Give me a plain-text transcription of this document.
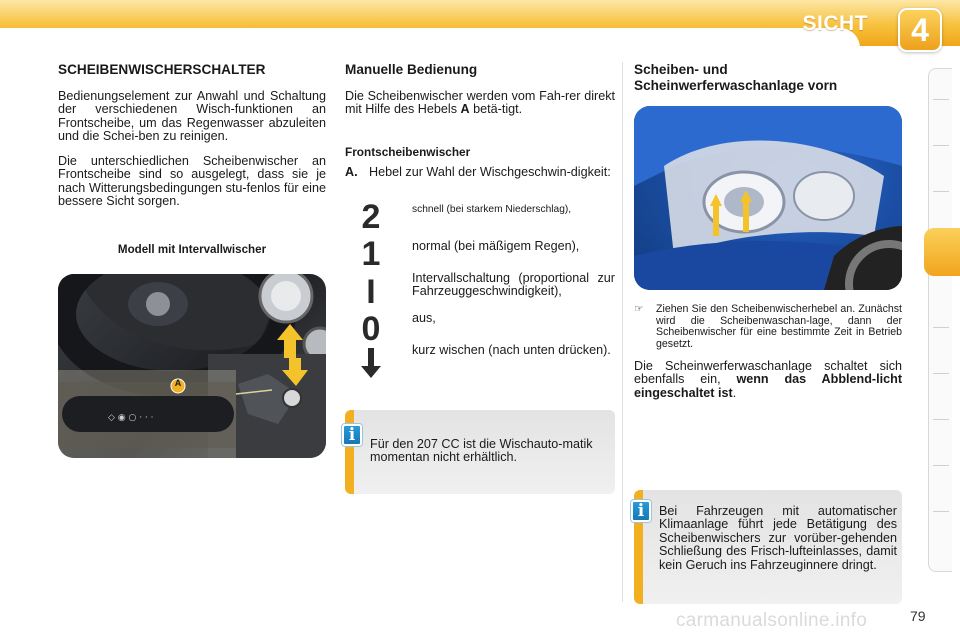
SICHT	4
SCHEIBENWISCHERSCHALTER
Bedienungselement zur Anwahl und Schaltung der verschiedenen Wisch-funktionen an Frontscheibe, um das Regenwasser abzuleiten und die Schei-ben zu reinigen.
Die unterschiedlichen Scheibenwischer an Frontscheibe sind so ausgelegt, dass sie je nach Witterungsbedingungen stu-fenlos für eine bessere Sicht sorgen.
Modell mit Intervallwischer
◇ ◉ ○ · · ·
A
Manuelle Bedienung
Die Scheibenwischer werden vom Fah-rer direkt mit Hilfe des Hebels A betä-tigt.
Frontscheibenwischer
A. Hebel zur Wahl der Wischgeschwin-digkeit:
2	schnell (bei starkem Niederschlag),
1	normal (bei mäßigem Regen),
I	Intervallschaltung (proportional zur Fahrzeuggeschwindigkeit),
0	aus,
kurz wischen (nach unten drücken).
i	Für den 207 CC ist die Wischauto-matik momentan nicht erhältlich.
Scheiben- und
Scheinwerferwaschanlage vorn
☞	Ziehen Sie den Scheibenwischerhebel an. Zunächst wird die Scheibenwaschan-lage, dann der Scheibenwischer für eine bestimmte Zeit in Betrieb gesetzt.
Die Scheinwerferwaschanlage schaltet sich ebenfalls ein, wenn das Abblend-licht eingeschaltet ist.
i	Bei Fahrzeugen mit automatischer Klimaanlage führt jede Betätigung des Scheibenwischers zur vorüber-gehenden Schließung des Frisch-lufteinlasses, damit kein Geruch ins Fahrzeuginnere dringt.
carmanualsonline.info	79
